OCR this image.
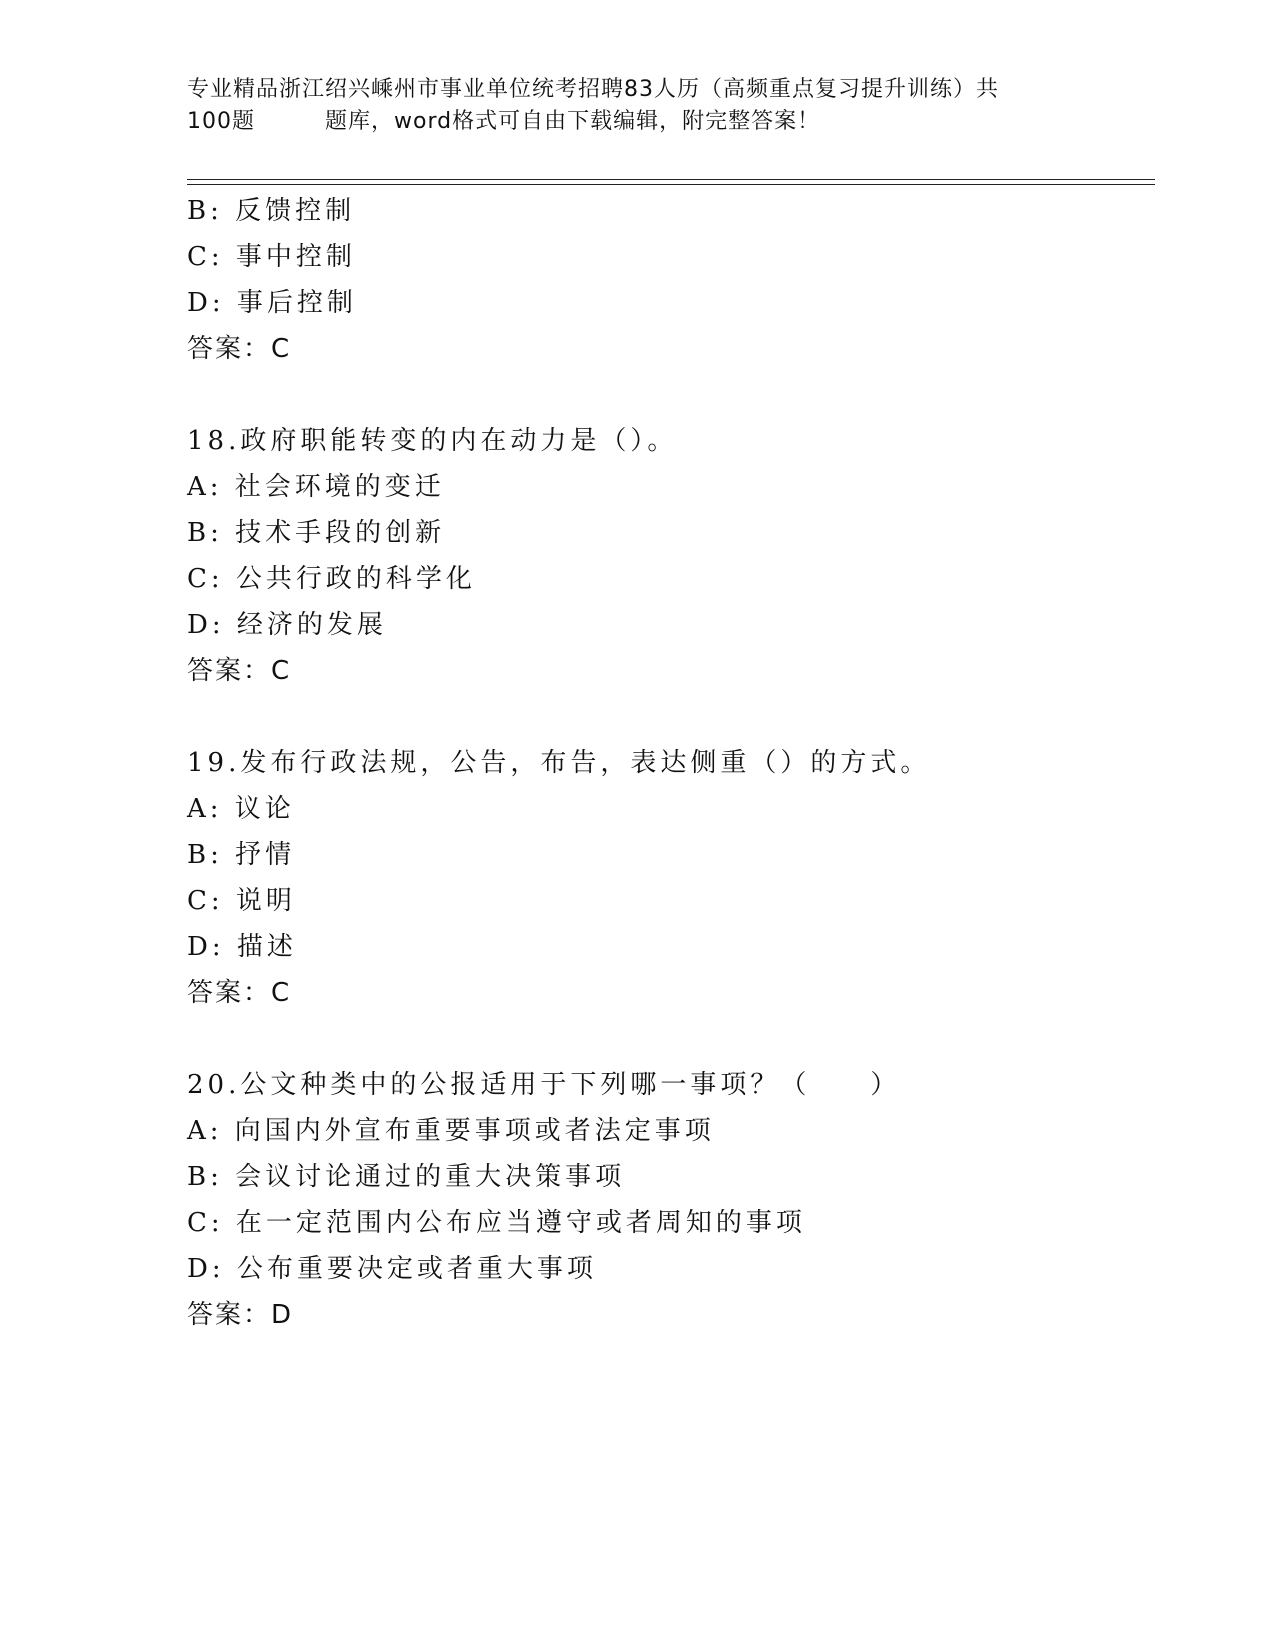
专业精品浙江绍兴嵊州市事业单位统考招聘83人历（高频重点复习提升训练）共
100题	题库，word格式可自由下载编辑，附完整答案！
B: 反馈控制
C: 事中控制
D: 事后控制
答案：C
18.政府职能转变的内在动力是（）。
A: 社会环境的变迁
B: 技术手段的创新
C: 公共行政的科学化
D: 经济的发展
答案：C
19.发布行政法规，公告，布告，表达侧重（）的方式。
A: 议论
B: 抒情
C: 说明
D: 描述
答案：C
20.公文种类中的公报适用于下列哪一事项？（　　）
A: 向国内外宣布重要事项或者法定事项
B: 会议讨论通过的重大决策事项
C: 在一定范围内公布应当遵守或者周知的事项
D: 公布重要决定或者重大事项
答案：D
